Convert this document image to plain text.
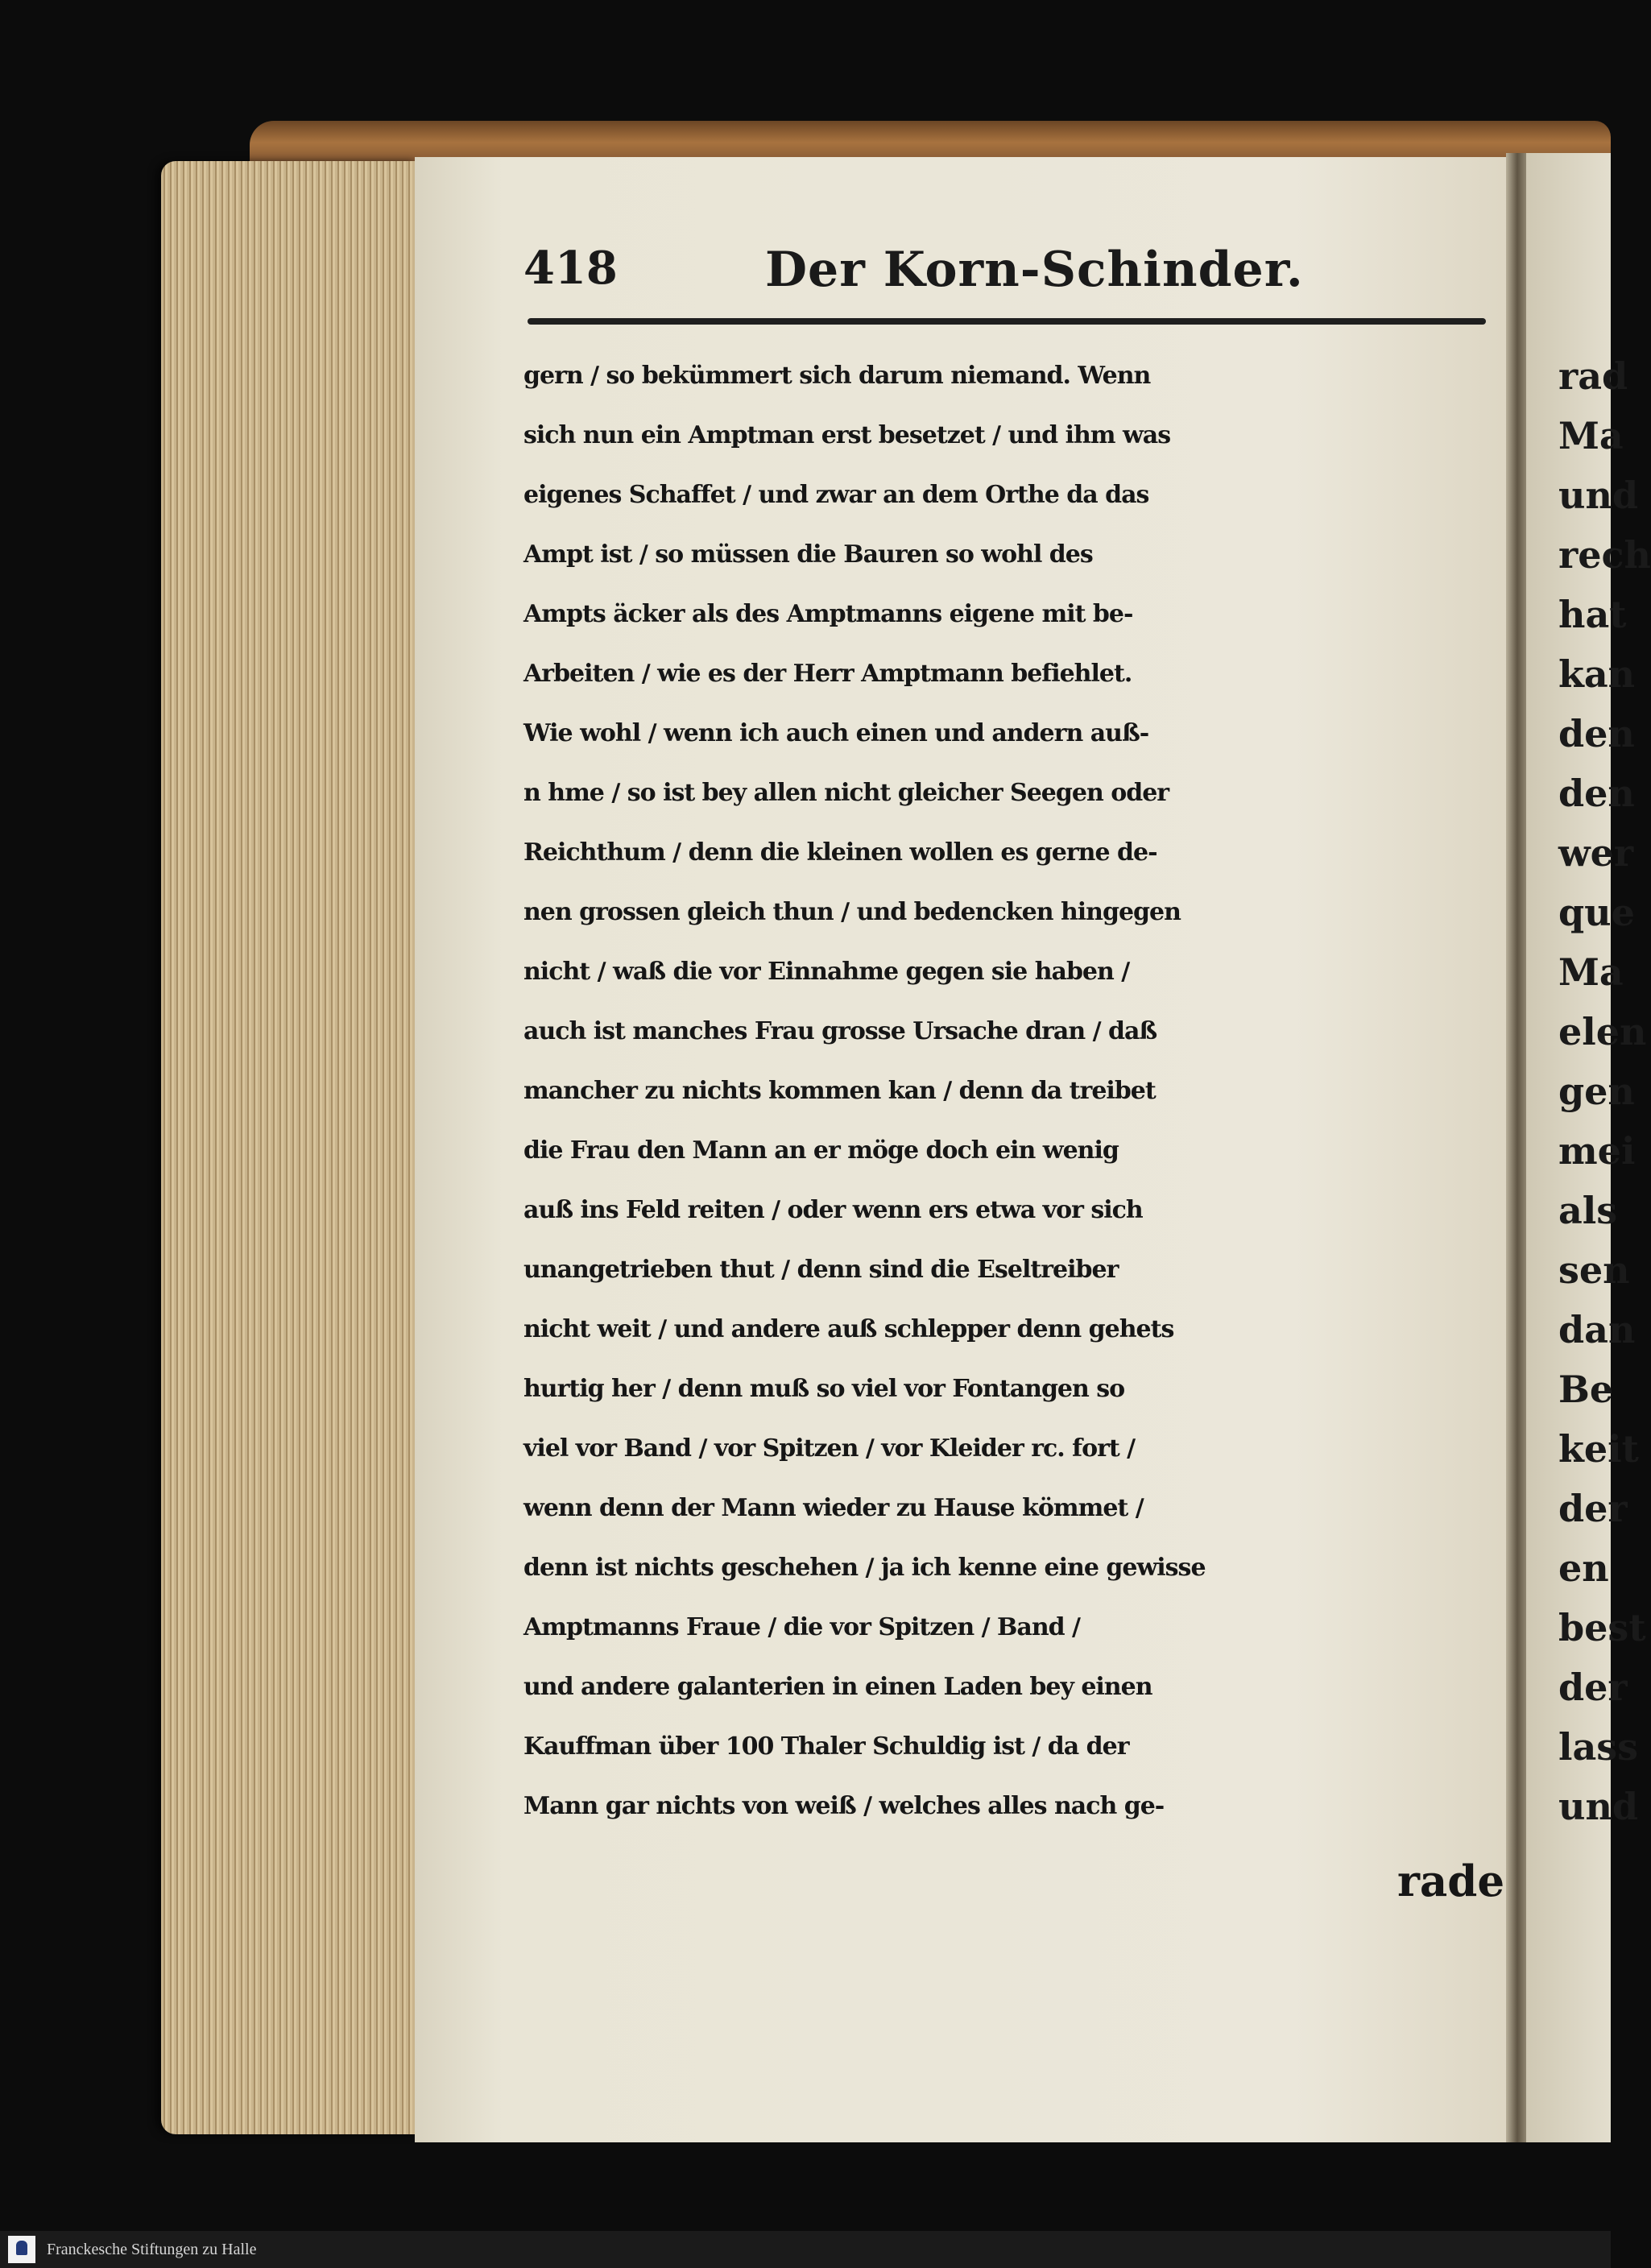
418	Der Korn-Schinder.
gern / so bekümmert sich darum niemand. Wenn
sich nun ein Amptman erst besetzet / und ihm was
eigenes Schaffet / und zwar an dem Orthe da das
Ampt ist / so müssen die Bauren so wohl des
Ampts äcker als des Amptmanns eigene mit be-
Arbeiten / wie es der Herr Amptmann befiehlet.
Wie wohl / wenn ich auch einen und andern auß-
n hme / so ist bey allen nicht gleicher Seegen oder
Reichthum / denn die kleinen wollen es gerne de-
nen grossen gleich thun / und bedencken hingegen
nicht / waß die vor Einnahme gegen sie haben /
auch ist manches Frau grosse Ursache dran / daß
mancher zu nichts kommen kan / denn da treibet
die Frau den Mann an er möge doch ein wenig
auß ins Feld reiten / oder wenn ers etwa vor sich
unangetrieben thut / denn sind die Eseltreiber
nicht weit / und andere auß schlepper denn gehets
hurtig her / denn muß so viel vor Fontangen so
viel vor Band / vor Spitzen / vor Kleider rc. fort /
wenn denn der Mann wieder zu Hause kömmet /
denn ist nichts geschehen / ja ich kenne eine gewisse
Amptmanns Fraue / die vor Spitzen / Band /
und andere galanterien in einen Laden bey einen
Kauffman über 100 Thaler Schuldig ist / da der
Mann gar nichts von weiß / welches alles nach ge-
rade
rad
Ma
und
rech
hat
kan
den
den
wer
que
Ma
elen
gen
mei
als
sen
dan
Be
keit
der
en
best
der
lass
und
Franckesche Stiftungen zu Halle
